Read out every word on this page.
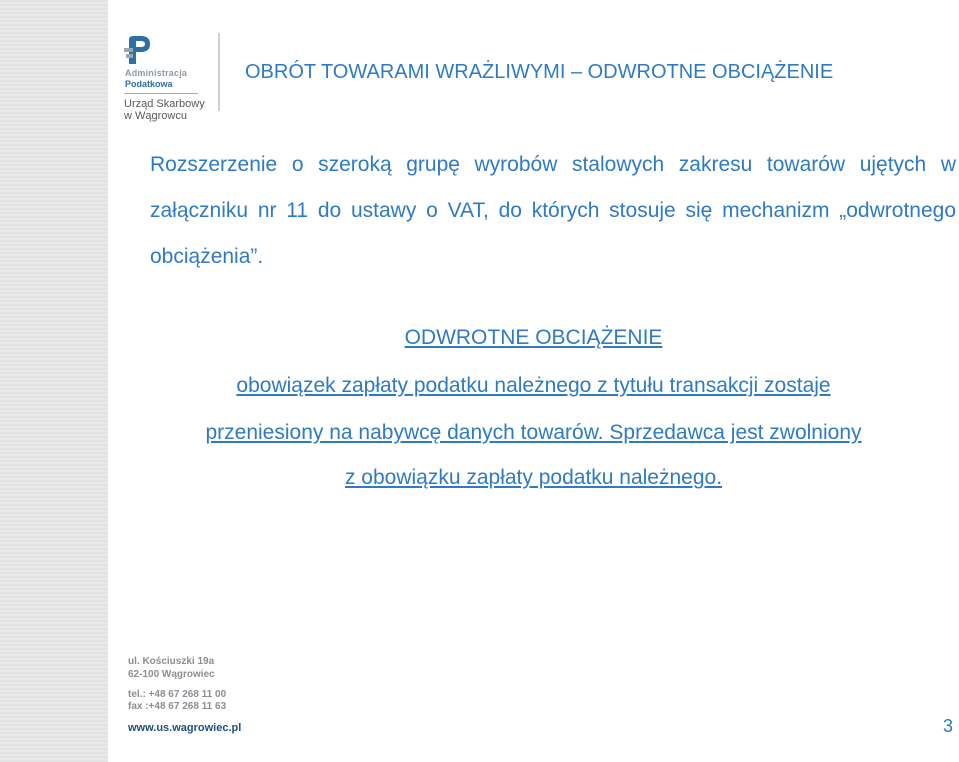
Administracja
Podatkowa
Urząd Skarbowy
w Wągrowcu
OBRÓT TOWARAMI WRAŻLIWYMI – ODWROTNE OBCIĄŻENIE
Rozszerzenie o szeroką grupę wyrobów stalowych zakresu towarów ujętych w załączniku nr 11 do ustawy o VAT, do których stosuje się mechanizm „odwrotnego obciążenia”.
ODWROTNE OBCIĄŻENIE
obowiązek zapłaty podatku należnego z tytułu transakcji zostaje
przeniesiony na nabywcę danych towarów. Sprzedawca jest zwolniony
z obowiązku zapłaty podatku należnego.
ul. Kościuszki 19a
62-100 Wągrowiec
tel.: +48 67 268 11 00
fax :+48 67 268 11 63
www.us.wagrowiec.pl	3
